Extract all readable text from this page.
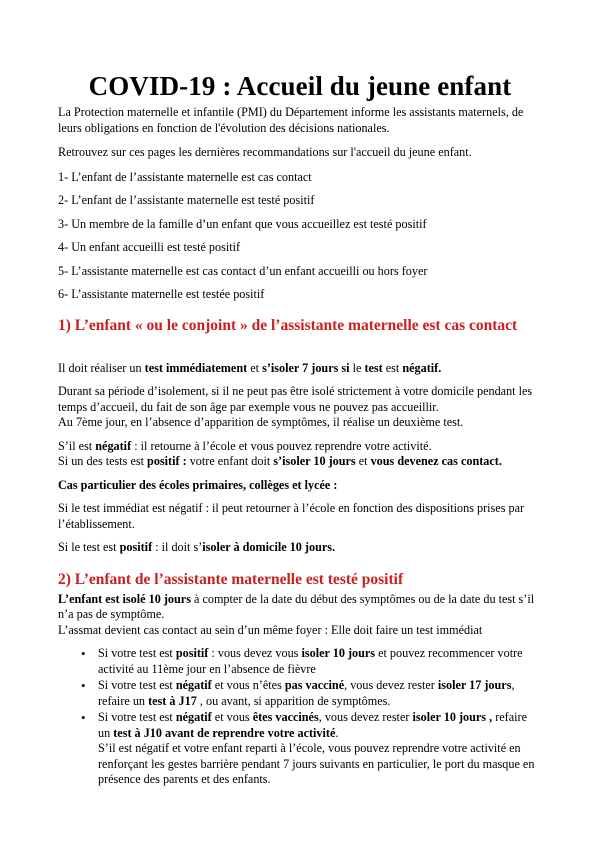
COVID-19 : Accueil du jeune enfant

La Protection maternelle et infantile (PMI) du Département informe les assistants maternels, de leurs obligations en fonction de l'évolution des décisions nationales.

Retrouvez sur ces pages les dernières recommandations sur l'accueil du jeune enfant.

1- L’enfant de l’assistante maternelle est cas contact

2- L’enfant de l’assistante maternelle est testé positif

3- Un membre de la famille d’un enfant que vous accueillez est testé positif

4- Un enfant accueilli est testé positif

5- L’assistante maternelle est cas contact d’un enfant accueilli ou hors foyer

6- L’assistante maternelle est testée positif

1) L’enfant « ou le conjoint » de l’assistante maternelle est cas contact

Il doit réaliser un test immédiatement et s’isoler 7 jours si le test est négatif.

Durant sa période d’isolement, si il ne peut pas être isolé strictement à votre domicile pendant les temps d’accueil, du fait de son âge par exemple vous ne pouvez pas accueillir.
Au 7ème jour, en l’absence d’apparition de symptômes, il réalise un deuxième test.

S’il est négatif : il retourne à l’école et vous pouvez reprendre votre activité.
Si un des tests est positif : votre enfant doit s’isoler 10 jours et vous devenez cas contact.

Cas particulier des écoles primaires, collèges et lycée :

Si le test immédiat est négatif : il peut retourner à l’école en fonction des dispositions prises par l’établissement.

Si le test est positif : il doit s’isoler à domicile 10 jours.

2) L’enfant de l’assistante maternelle est testé positif

L’enfant est isolé 10 jours à compter de la date du début des symptômes ou de la date du test s’il n’a pas de symptôme.
L’assmat devient cas contact au sein d’un même foyer : Elle doit faire un test immédiat

• Si votre test est positif : vous devez vous isoler 10 jours et pouvez recommencer votre activité au 11ème jour en l’absence de fièvre
• Si votre test est négatif et vous n’êtes pas vacciné, vous devez rester isoler 17 jours, refaire un test à J17 , ou avant, si apparition de symptômes.
• Si votre test est négatif et vous êtes vaccinés, vous devez rester isoler 10 jours , refaire un test à J10 avant de reprendre votre activité.
S’il est négatif et votre enfant reparti à l’école, vous pouvez reprendre votre activité en renforçant les gestes barrière pendant 7 jours suivants en particulier, le port du masque en présence des parents et des enfants.
